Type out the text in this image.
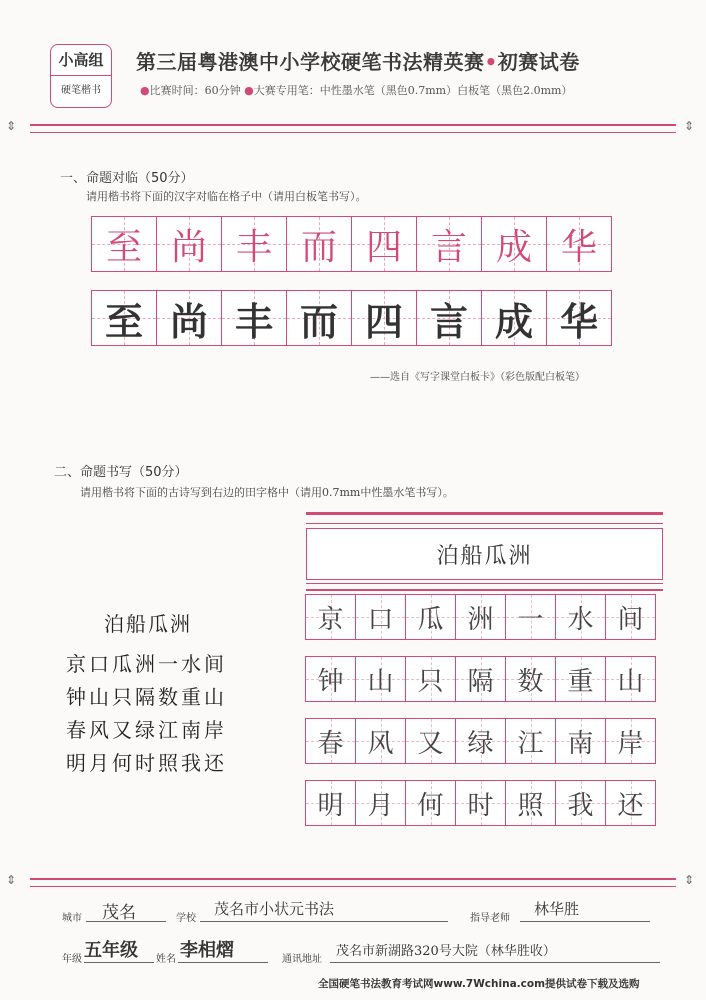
小高组
硬笔楷书
第三届粤港澳中小学校硬笔书法精英赛•初赛试卷
●比赛时间：60分钟 ●大赛专用笔：中性墨水笔（黑色0.7mm）白板笔（黑色2.0mm）
⇕	⇕
一、命题对临（50分）
请用楷书将下面的汉字对临在格子中（请用白板笔书写）。
至 尚 丰 而 四 言 成 华
至 尚 丰 而 四 言 成 华
——选自《写字课堂白板卡》（彩色版配白板笔）
二、命题书写（50分）
请用楷书将下面的古诗写到右边的田字格中（请用0.7mm中性墨水笔书写）。
泊船瓜洲
京口瓜洲一水间
钟山只隔数重山
春风又绿江南岸
明月何时照我还
泊船瓜洲
京 口 瓜 洲 一 水 间
钟 山 只 隔 数 重 山
春 风 又 绿 江 南 岸
明 月 何 时 照 我 还
⇕	⇕
城市 茂名	学校
茂名市小状元书法
指导老师
林华胜
年级 五年级 姓名 李相熠	通讯地址
茂名市新湖路320号大院（林华胜收）
全国硬笔书法教育考试网www.7Wchina.com提供试卷下载及选购
